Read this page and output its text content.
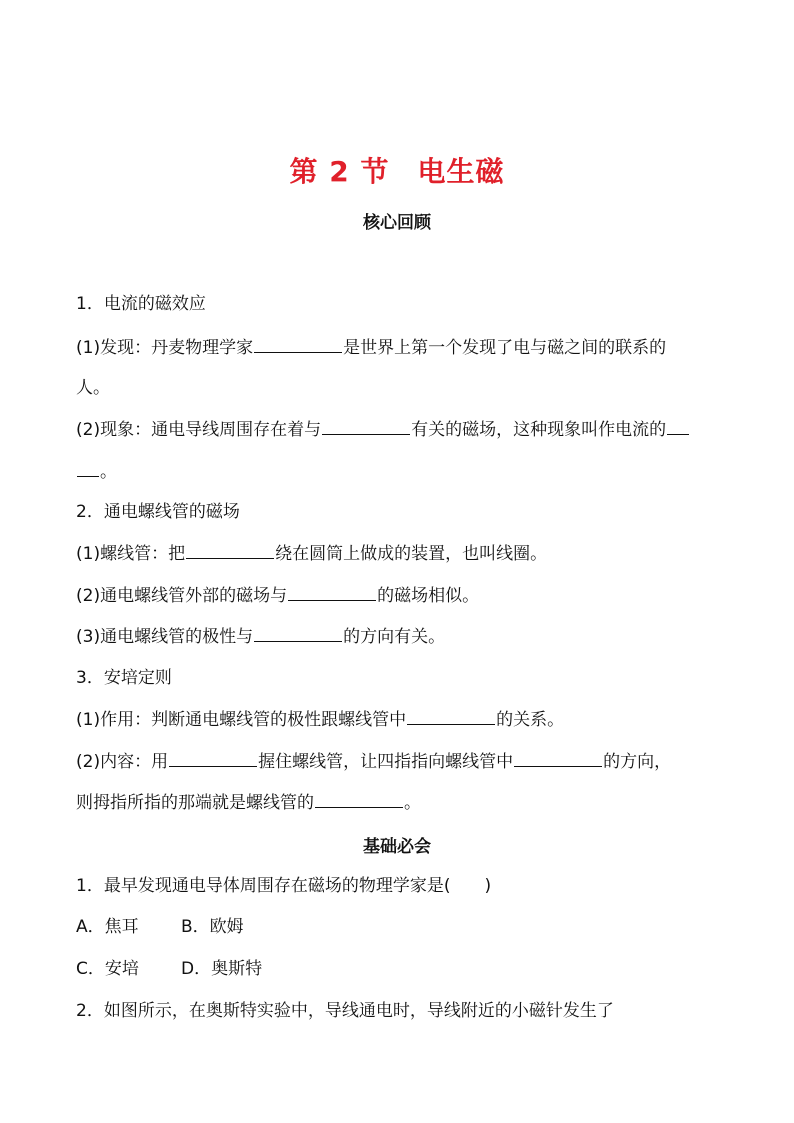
第 2 节 电生磁
核心回顾
1．电流的磁效应
(1)发现：丹麦物理学家	是世界上第一个发现了电与磁之间的联系的
人。
(2)现象：通电导线周围存在着与	有关的磁场，这种现象叫作电流的
。
2．通电螺线管的磁场
(1)螺线管：把	绕在圆筒上做成的装置，也叫线圈。
(2)通电螺线管外部的磁场与	的磁场相似。
(3)通电螺线管的极性与	的方向有关。
3．安培定则
(1)作用：判断通电螺线管的极性跟螺线管中	的关系。
(2)内容：用	握住螺线管，让四指指向螺线管中	的方向，
则拇指所指的那端就是螺线管的	。
基础必会
1．最早发现通电导体周围存在磁场的物理学家是(　　)
A．焦耳 B．欧姆
C．安培 D．奥斯特
2．如图所示，在奥斯特实验中，导线通电时，导线附近的小磁针发生了
